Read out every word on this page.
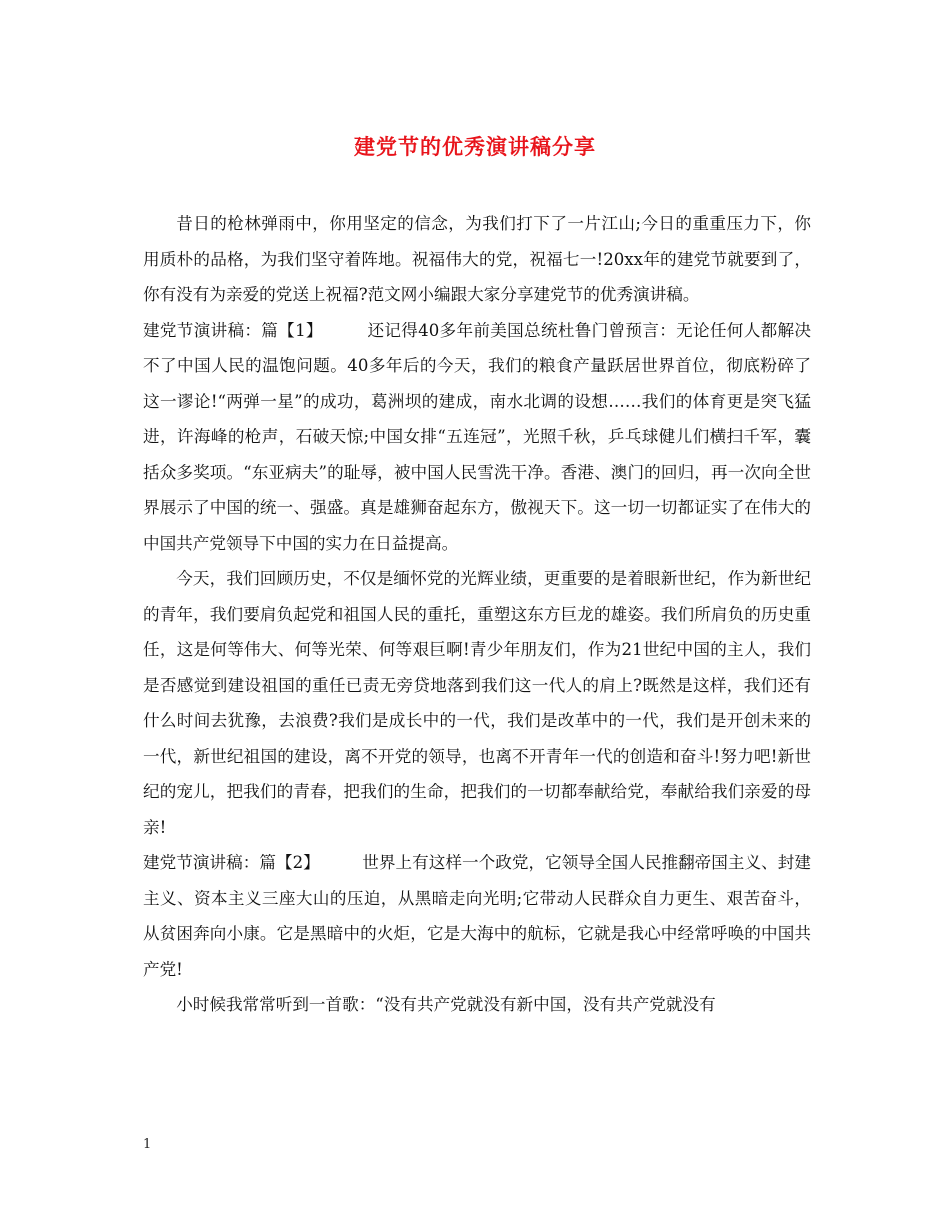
建党节的优秀演讲稿分享

昔日的枪林弹雨中，你用坚定的信念，为我们打下了一片江山;今日的重重压力下，你用质朴的品格，为我们坚守着阵地。祝福伟大的党，祝福七一!20xx年的建党节就要到了，你有没有为亲爱的党送上祝福?范文网小编跟大家分享建党节的优秀演讲稿。

建党节演讲稿：篇【1】	还记得40多年前美国总统杜鲁门曾预言：无论任何人都解决不了中国人民的温饱问题。40多年后的今天，我们的粮食产量跃居世界首位，彻底粉碎了这一谬论!“两弹一星”的成功，葛洲坝的建成，南水北调的设想……我们的体育更是突飞猛进，许海峰的枪声，石破天惊;中国女排“五连冠”，光照千秋，乒乓球健儿们横扫千军，囊括众多奖项。“东亚病夫”的耻辱，被中国人民雪洗干净。香港、澳门的回归，再一次向全世界展示了中国的统一、强盛。真是雄狮奋起东方，傲视天下。这一切一切都证实了在伟大的中国共产党领导下中国的实力在日益提高。

今天，我们回顾历史，不仅是缅怀党的光辉业绩，更重要的是着眼新世纪，作为新世纪的青年，我们要肩负起党和祖国人民的重托，重塑这东方巨龙的雄姿。我们所肩负的历史重任，这是何等伟大、何等光荣、何等艰巨啊!青少年朋友们，作为21世纪中国的主人，我们是否感觉到建设祖国的重任已责无旁贷地落到我们这一代人的肩上?既然是这样，我们还有什么时间去犹豫，去浪费?我们是成长中的一代，我们是改革中的一代，我们是开创未来的一代，新世纪祖国的建设，离不开党的领导，也离不开青年一代的创造和奋斗!努力吧!新世纪的宠儿，把我们的青春，把我们的生命，把我们的一切都奉献给党，奉献给我们亲爱的母亲!

建党节演讲稿：篇【2】	世界上有这样一个政党，它领导全国人民推翻帝国主义、封建主义、资本主义三座大山的压迫，从黑暗走向光明;它带动人民群众自力更生、艰苦奋斗，从贫困奔向小康。它是黑暗中的火炬，它是大海中的航标，它就是我心中经常呼唤的中国共产党!

小时候我常常听到一首歌：“没有共产党就没有新中国，没有共产党就没有

1
